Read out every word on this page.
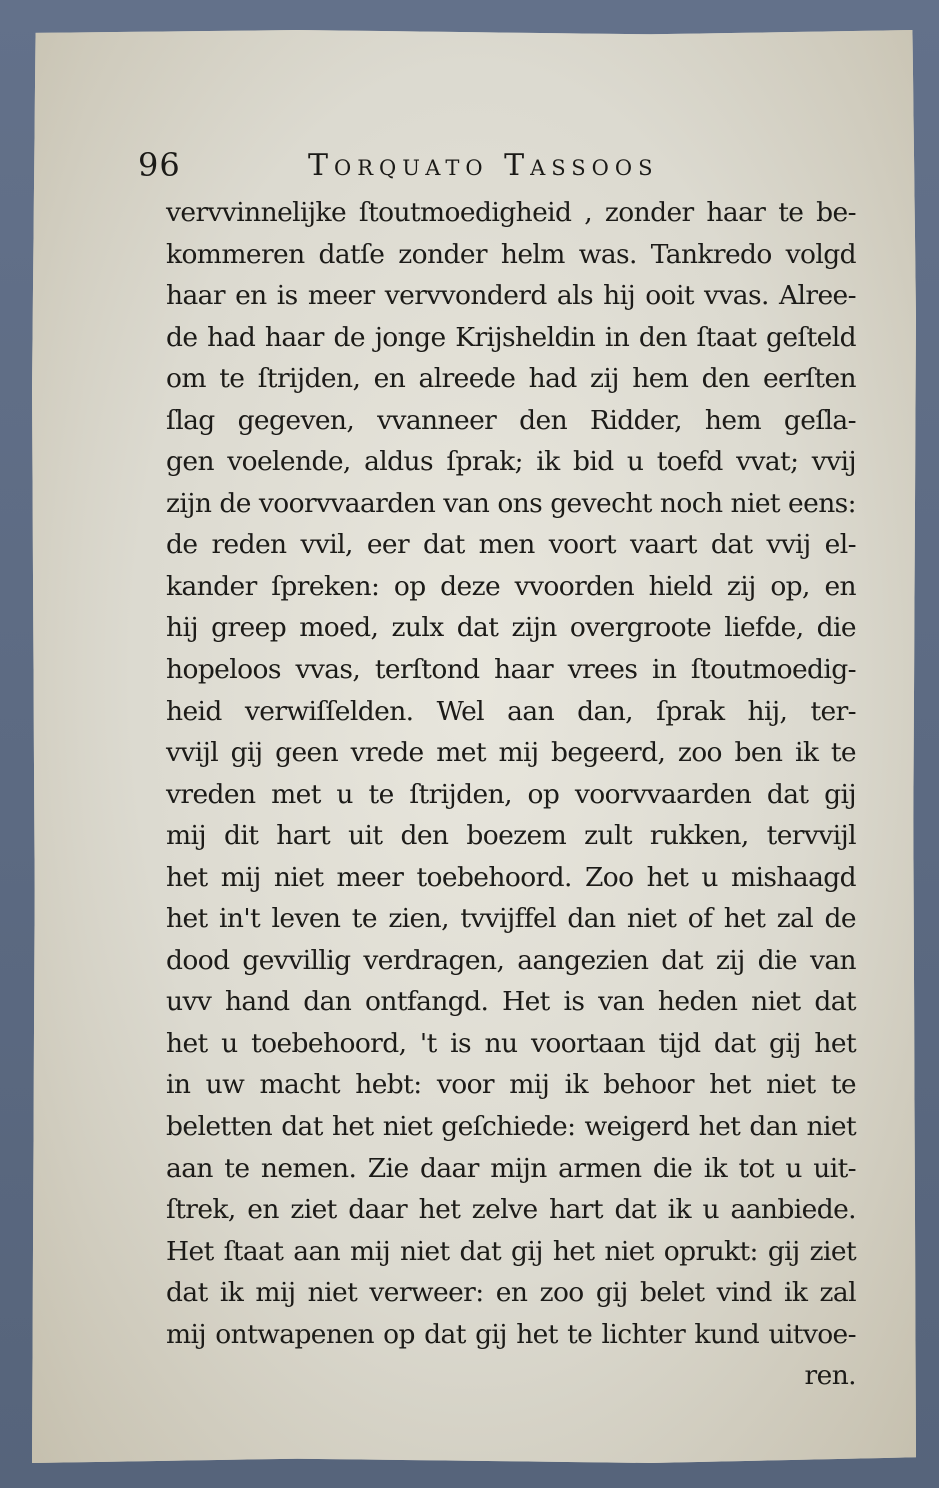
96	Torquato Tassoos
vervvinnelijke ſtoutmoedigheid , zonder haar te be-
kommeren datſe zonder helm was. Tankredo volgd
haar en is meer vervvonderd als hij ooit vvas. Alree-
de had haar de jonge Krijsheldin in den ſtaat geſteld
om te ſtrijden, en alreede had zij hem den eerſten
ſlag gegeven, vvanneer den Ridder, hem geſla-
gen voelende, aldus ſprak; ik bid u toefd vvat; vvij
zijn de voorvvaarden van ons gevecht noch niet eens:
de reden vvil, eer dat men voort vaart dat vvij el-
kander ſpreken: op deze vvoorden hield zij op, en
hij greep moed, zulx dat zijn overgroote liefde, die
hopeloos vvas, terſtond haar vrees in ſtoutmoedig-
heid verwiſſelden. Wel aan dan, ſprak hij, ter-
vvijl gij geen vrede met mij begeerd, zoo ben ik te
vreden met u te ſtrijden, op voorvvaarden dat gij
mij dit hart uit den boezem zult rukken, tervvijl
het mij niet meer toebehoord. Zoo het u mishaagd
het in't leven te zien, tvvijffel dan niet of het zal de
dood gevvillig verdragen, aangezien dat zij die van
uvv hand dan ontfangd. Het is van heden niet dat
het u toebehoord, 't is nu voortaan tijd dat gij het
in uw macht hebt: voor mij ik behoor het niet te
beletten dat het niet geſchiede: weigerd het dan niet
aan te nemen. Zie daar mijn armen die ik tot u uit-
ſtrek, en ziet daar het zelve hart dat ik u aanbiede.
Het ſtaat aan mij niet dat gij het niet oprukt: gij ziet
dat ik mij niet verweer: en zoo gij belet vind ik zal
mij ontwapenen op dat gij het te lichter kund uitvoe-
ren.
